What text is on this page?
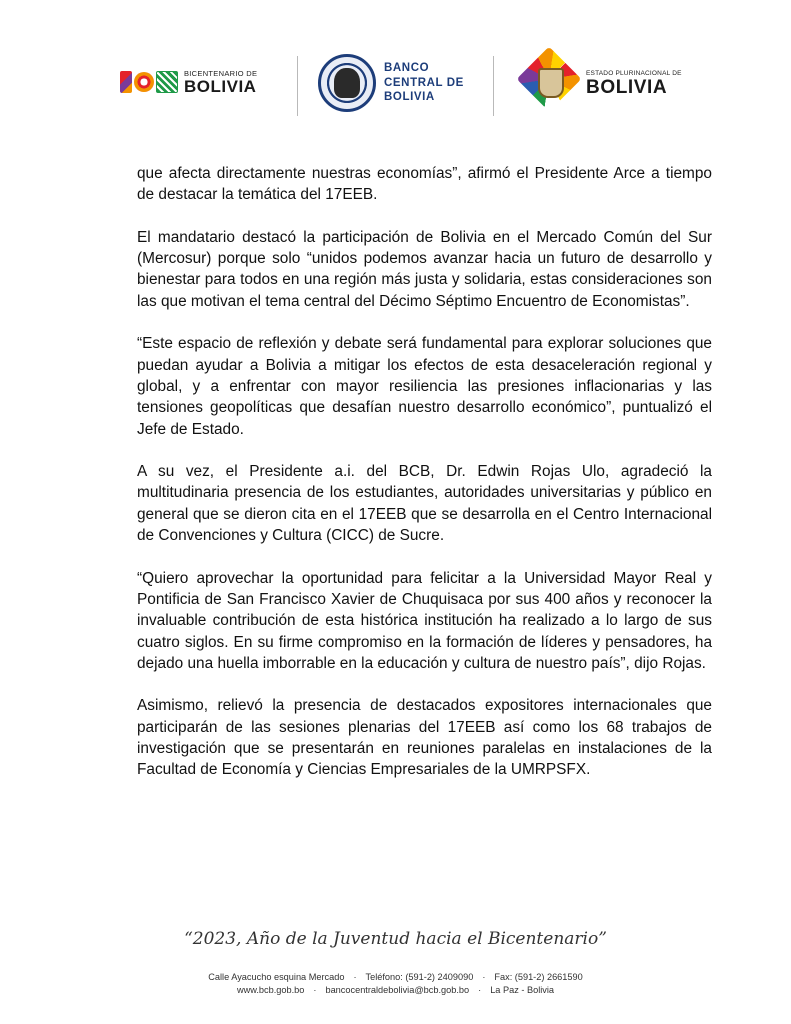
BICENTENARIO DE
BOLIVIA
BANCO
CENTRAL DE
BOLIVIA
ESTADO PLURINACIONAL DE
BOLIVIA

que afecta directamente nuestras economías”, afirmó el Presidente Arce a tiempo de destacar la temática del 17EEB.

El mandatario destacó la participación de Bolivia en el Mercado Común del Sur (Mercosur) porque solo “unidos podemos avanzar hacia un futuro de desarrollo y bienestar para todos en una región más justa y solidaria, estas consideraciones son las que motivan el tema central del Décimo Séptimo Encuentro de Economistas”.

“Este espacio de reflexión y debate será fundamental para explorar soluciones que puedan ayudar a Bolivia a mitigar los efectos de esta desaceleración regional y global, y a enfrentar con mayor resiliencia las presiones inflacionarias y las tensiones geopolíticas que desafían nuestro desarrollo económico”, puntualizó el Jefe de Estado.

A su vez, el Presidente a.i. del BCB, Dr. Edwin Rojas Ulo, agradeció la multitudinaria presencia de los estudiantes, autoridades universitarias y público en general que se dieron cita en el 17EEB que se desarrolla en el Centro Internacional de Convenciones y Cultura (CICC) de Sucre.

“Quiero aprovechar la oportunidad para felicitar a la Universidad Mayor Real y Pontificia de San Francisco Xavier de Chuquisaca por sus 400 años y reconocer la invaluable contribución de esta histórica institución ha realizado a lo largo de sus cuatro siglos. En su firme compromiso en la formación de líderes y pensadores, ha dejado una huella imborrable en la educación y cultura de nuestro país”, dijo Rojas.

Asimismo, relievó la presencia de destacados expositores internacionales que participarán de las sesiones plenarias del 17EEB así como los 68 trabajos de investigación que se presentarán en reuniones paralelas en instalaciones de la Facultad de Economía y Ciencias Empresariales de la UMRPSFX.

“2023, Año de la Juventud hacia el Bicentenario”
Calle Ayacucho esquina Mercado · Teléfono: (591-2) 2409090 · Fax: (591-2) 2661590
www.bcb.gob.bo · bancocentraldebolivia@bcb.gob.bo · La Paz - Bolivia
